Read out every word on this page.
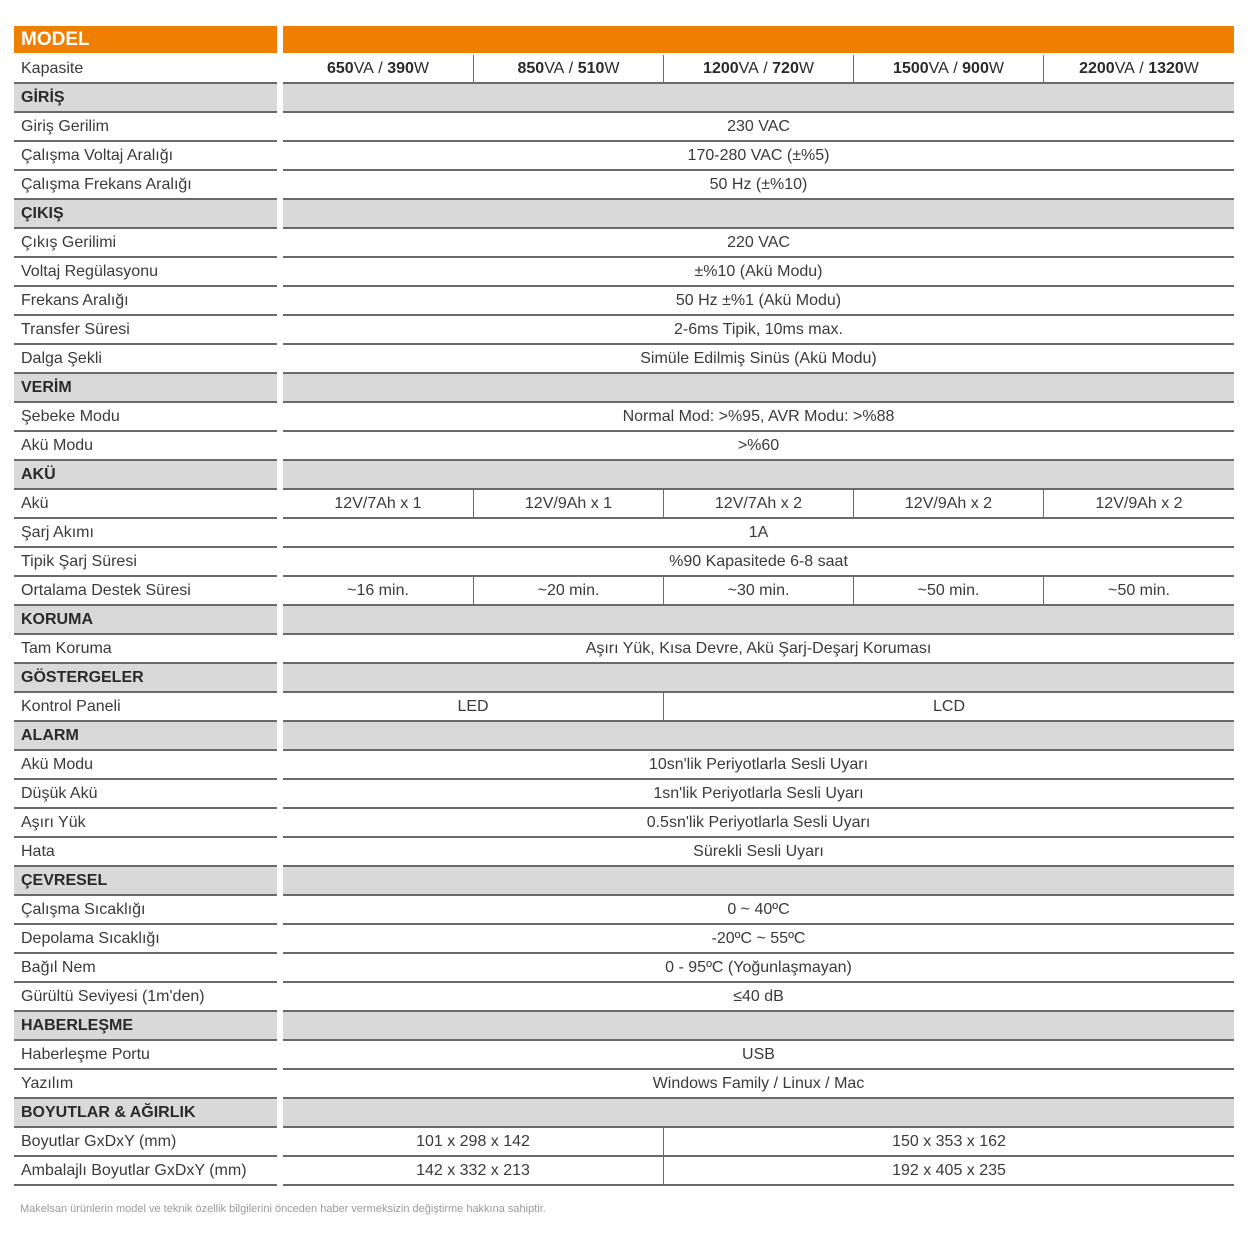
MODEL
Kapasite	650 VA / 390 W	850 VA / 510 W	1200 VA / 720 W	1500 VA / 900 W	2200 VA / 1320 W
GİRİŞ
Giriş Gerilim	230 VAC
Çalışma Voltaj Aralığı	170-280 VAC (±%5)
Çalışma Frekans Aralığı	50 Hz (±%10)
ÇIKIŞ
Çıkış Gerilimi	220 VAC
Voltaj Regülasyonu	±%10 (Akü Modu)
Frekans Aralığı	50 Hz ±%1 (Akü Modu)
Transfer Süresi	2-6ms Tipik, 10ms max.
Dalga Şekli	Simüle Edilmiş Sinüs (Akü Modu)
VERİM
Şebeke Modu	Normal Mod: >%95, AVR Modu: >%88
Akü Modu	>%60
AKÜ
Akü	12V/7Ah x 1	12V/9Ah x 1	12V/7Ah x 2	12V/9Ah x 2	12V/9Ah x 2
Şarj Akımı	1A
Tipik Şarj Süresi	%90 Kapasitede 6-8 saat
Ortalama Destek Süresi	~16 min.	~20 min.	~30 min.	~50 min.	~50 min.
KORUMA
Tam Koruma	Aşırı Yük, Kısa Devre, Akü Şarj-Deşarj Koruması
GÖSTERGELER
Kontrol Paneli	LED	LCD
ALARM
Akü Modu	10sn'lik Periyotlarla Sesli Uyarı
Düşük Akü	1sn'lik Periyotlarla Sesli Uyarı
Aşırı Yük	0.5sn'lik Periyotlarla Sesli Uyarı
Hata	Sürekli Sesli Uyarı
ÇEVRESEL
Çalışma Sıcaklığı	0 ~ 40ºC
Depolama Sıcaklığı	-20ºC ~ 55ºC
Bağıl Nem	0 - 95ºC (Yoğunlaşmayan)
Gürültü Seviyesi (1m'den)	≤40 dB
HABERLEŞME
Haberleşme Portu	USB
Yazılım	Windows Family / Linux / Mac
BOYUTLAR & AĞIRLIK
Boyutlar GxDxY (mm)	101 x 298 x 142	150 x 353 x 162
Ambalajlı Boyutlar GxDxY (mm)	142 x 332 x 213	192 x 405 x 235
Makelsan ürünlerin model ve teknik özellik bilgilerini önceden haber vermeksizin değiştirme hakkına sahiptir.
